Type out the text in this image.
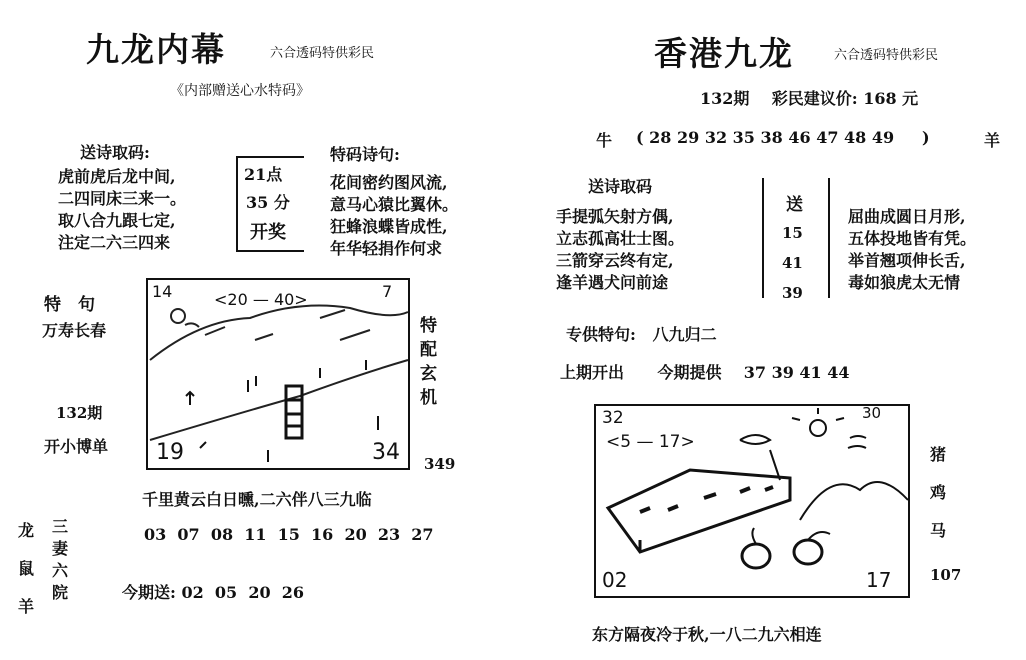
九龙内幕	六合透码特供彩民
《内部赠送心水特码》
送诗取码:
虎前虎后龙中间,
二四同床三来一。
取八合九跟七定,
注定二六三四来
21点
35 分
开奖
特码诗句:
花间密约图风流,
意马心猿比翼休。
狂蜂浪蝶皆成性,
年华轻捐作何求
特　句
万寿长春
132期
开小博单
14	<20 — 40>	7
19	34
特
配
玄
机
349
千里黄云白日曛,二六伴八三九临
龙
鼠
羊
三
妻
六
院
03 07 08 11 15 16 20 23 27
今期送: 02 05 20 26
香港九龙	六合透码特供彩民
132期 彩民建议价: 168 元
牛 ( 28 29 32 35 38 46 47 48 49     )	羊
送诗取码
手提弧矢射方偶,
立志孤高壮士图。
三箭穿云终有定,
逢羊遇犬问前途
送
15
41
39
屈曲成圆日月形,
五体投地皆有凭。
举首翘项伸长舌,
毒如狼虎太无情
专供特句: 八九归二
上期开出 今期提供 37 39 41 44
32
<5 — 17>
30
02	17
猪
鸡
马
107
东方隔夜冷于秋,一八二九六相连
